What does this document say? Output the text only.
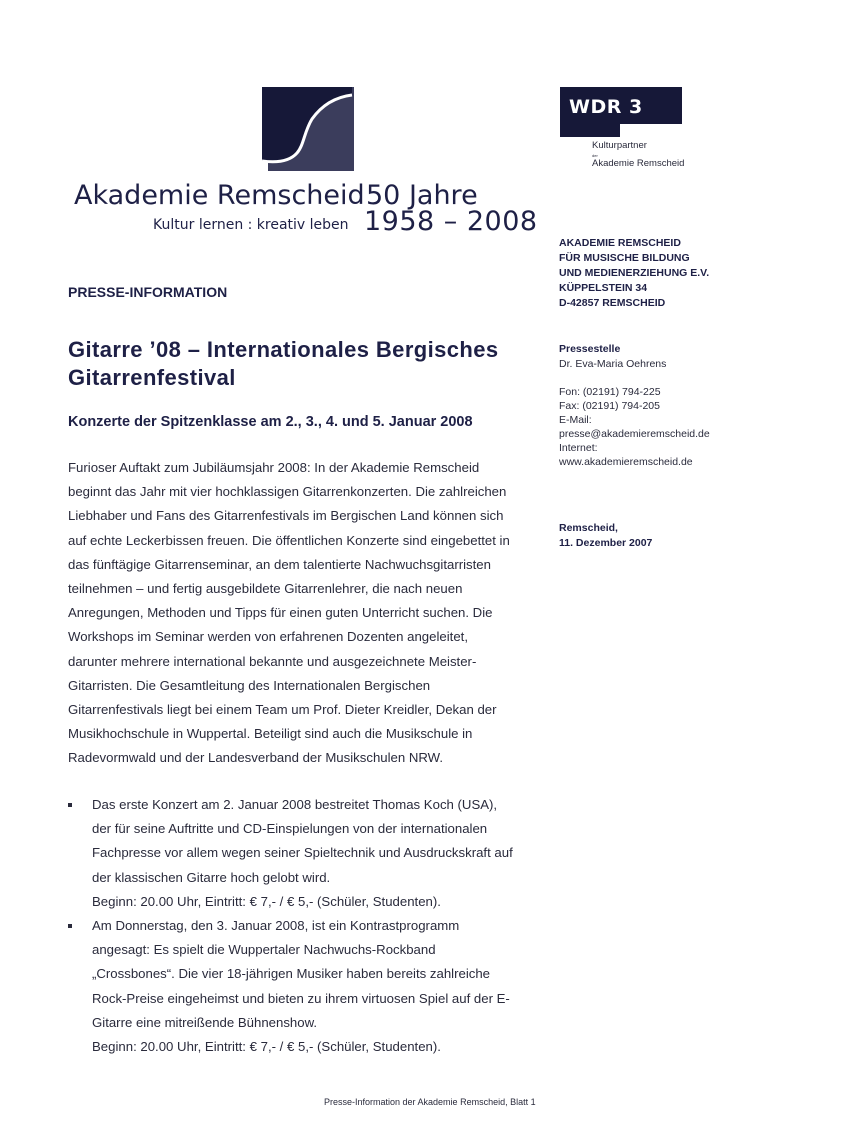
Akademie Remscheid 50 Jahre
Kultur lernen : kreativ leben 1958 – 2008
WDR 3
Kulturpartner
der
Akademie Remscheid
AKADEMIE REMSCHEID
FÜR MUSISCHE BILDUNG
UND MEDIENERZIEHUNG E.V.
KÜPPELSTEIN 34
D-42857 REMSCHEID
Pressestelle
Dr. Eva-Maria Oehrens
Fon: (02191) 794-225
Fax: (02191) 794-205
E-Mail:
presse@akademieremscheid.de
Internet:
www.akademieremscheid.de
Remscheid,
11. Dezember 2007
PRESSE-INFORMATION
Gitarre ’08 – Internationales Bergisches
Gitarrenfestival
Konzerte der Spitzenklasse am 2., 3., 4. und 5. Januar 2008
Furioser Auftakt zum Jubiläumsjahr 2008: In der Akademie Remscheid
beginnt das Jahr mit vier hochklassigen Gitarrenkonzerten. Die zahlreichen
Liebhaber und Fans des Gitarrenfestivals im Bergischen Land können sich
auf echte Leckerbissen freuen. Die öffentlichen Konzerte sind eingebettet in
das fünftägige Gitarrenseminar, an dem talentierte Nachwuchsgitarristen
teilnehmen – und fertig ausgebildete Gitarrenlehrer, die nach neuen
Anregungen, Methoden und Tipps für einen guten Unterricht suchen. Die
Workshops im Seminar werden von erfahrenen Dozenten angeleitet,
darunter mehrere international bekannte und ausgezeichnete Meister-
Gitarristen. Die Gesamtleitung des Internationalen Bergischen
Gitarrenfestivals liegt bei einem Team um Prof. Dieter Kreidler, Dekan der
Musikhochschule in Wuppertal. Beteiligt sind auch die Musikschule in
Radevormwald und der Landesverband der Musikschulen NRW.
Das erste Konzert am 2. Januar 2008 bestreitet Thomas Koch (USA),
der für seine Auftritte und CD-Einspielungen von der internationalen
Fachpresse vor allem wegen seiner Spieltechnik und Ausdruckskraft auf
der klassischen Gitarre hoch gelobt wird.
Beginn: 20.00 Uhr, Eintritt: € 7,- / € 5,- (Schüler, Studenten).
Am Donnerstag, den 3. Januar 2008, ist ein Kontrastprogramm
angesagt: Es spielt die Wuppertaler Nachwuchs-Rockband
„Crossbones“. Die vier 18-jährigen Musiker haben bereits zahlreiche
Rock-Preise eingeheimst und bieten zu ihrem virtuosen Spiel auf der E-
Gitarre eine mitreißende Bühnenshow.
Beginn: 20.00 Uhr, Eintritt: € 7,- / € 5,- (Schüler, Studenten).
Presse-Information der Akademie Remscheid, Blatt 1
